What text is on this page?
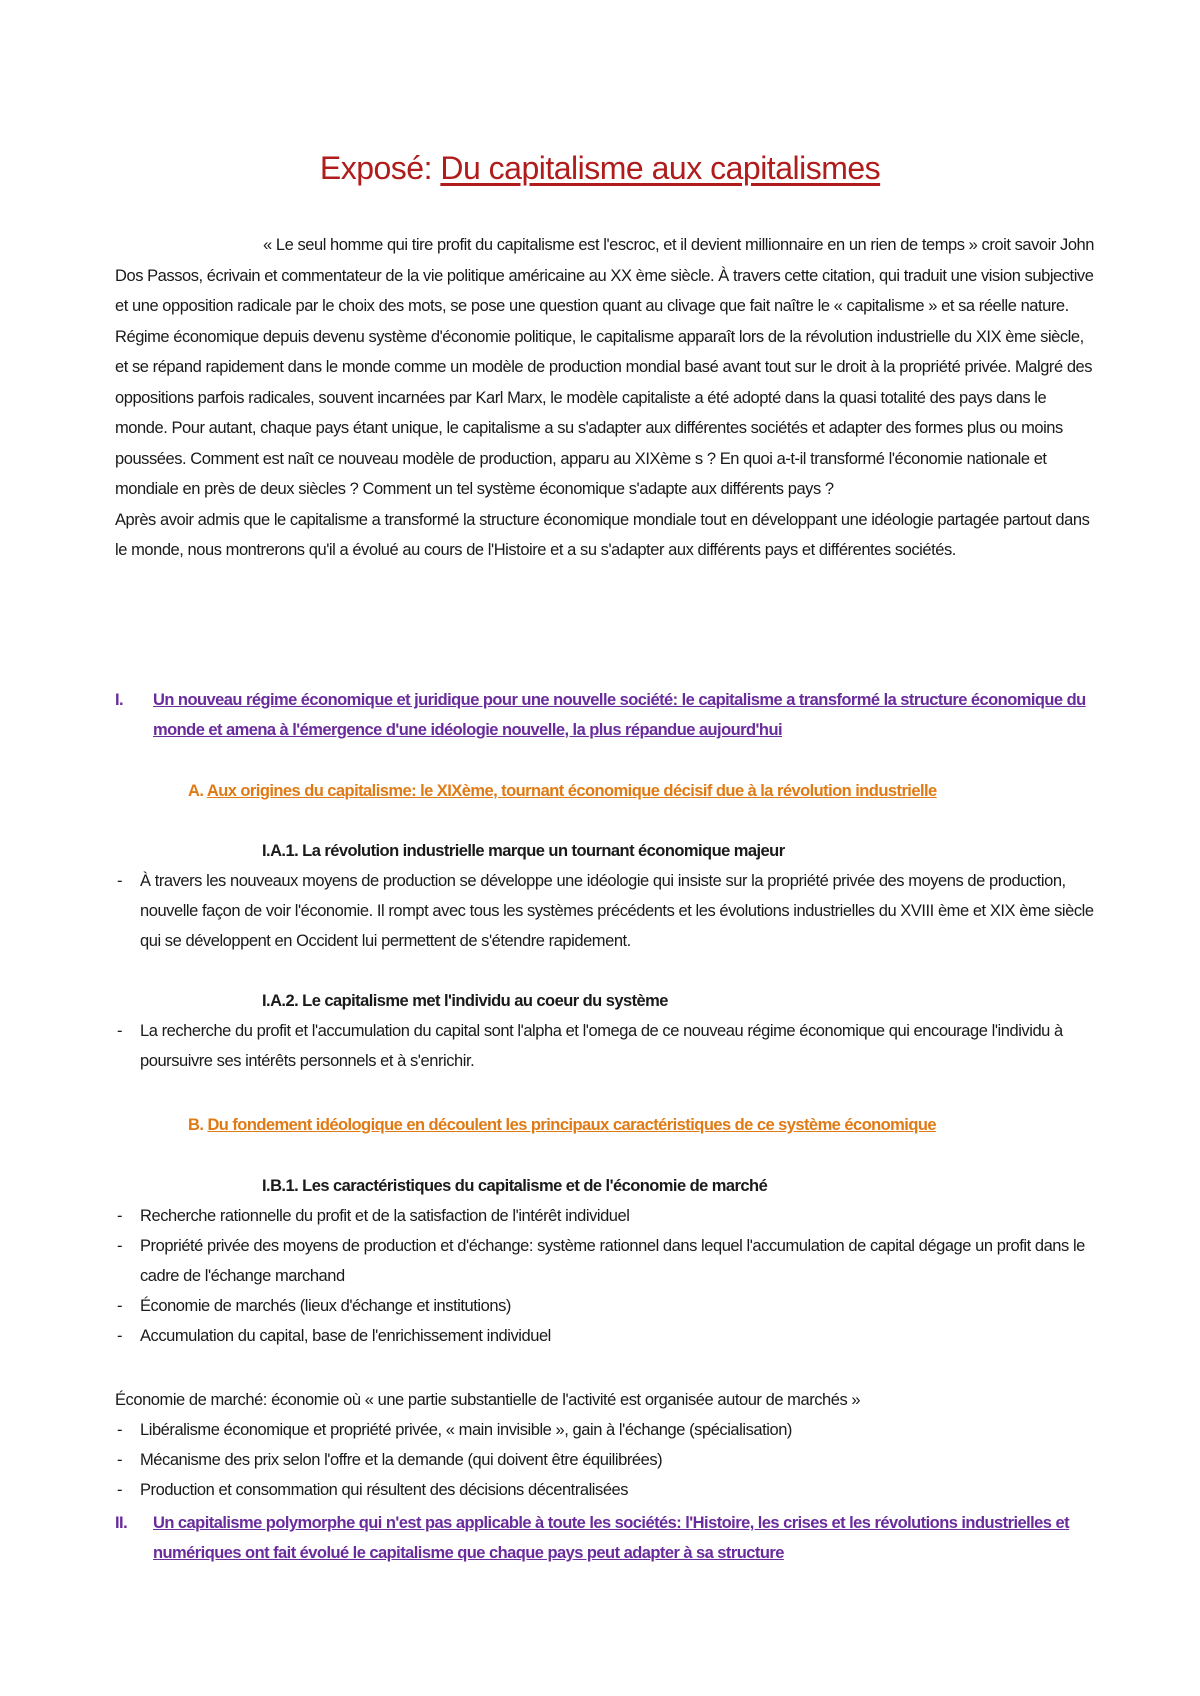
Exposé: Du capitalisme aux capitalismes

« Le seul homme qui tire profit du capitalisme est l'escroc, et il devient millionnaire en un rien de temps » croit savoir John Dos Passos, écrivain et commentateur de la vie politique américaine au XX ème siècle. À travers cette citation, qui traduit une vision subjective et une opposition radicale par le choix des mots, se pose une question quant au clivage que fait naître le « capitalisme » et sa réelle nature. Régime économique depuis devenu système d'économie politique, le capitalisme apparaît lors de la révolution industrielle du XIX ème siècle, et se répand rapidement dans le monde comme un modèle de production mondial basé avant tout sur le droit à la propriété privée. Malgré des oppositions parfois radicales, souvent incarnées par Karl Marx, le modèle capitaliste a été adopté dans la quasi totalité des pays dans le monde. Pour autant, chaque pays étant unique, le capitalisme a su s'adapter aux différentes sociétés et adapter des formes plus ou moins poussées. Comment est naît ce nouveau modèle de production, apparu au XIXème s ? En quoi a-t-il transformé l'économie nationale et mondiale en près de deux siècles ? Comment un tel système économique s'adapte aux différents pays ?

Après avoir admis que le capitalisme a transformé la structure économique mondiale tout en développant une idéologie partagée partout dans le monde, nous montrerons qu'il a évolué au cours de l'Histoire et a su s'adapter aux différents pays et différentes sociétés.

I. Un nouveau régime économique et juridique pour une nouvelle société: le capitalisme a transformé la structure économique du monde et amena à l'émergence d'une idéologie nouvelle, la plus répandue aujourd'hui
A. Aux origines du capitalisme: le XIXème, tournant économique décisif due à la révolution industrielle
I.A.1. La révolution industrielle marque un tournant économique majeur
- À travers les nouveaux moyens de production se développe une idéologie qui insiste sur la propriété privée des moyens de production, nouvelle façon de voir l'économie. Il rompt avec tous les systèmes précédents et les évolutions industrielles du XVIII ème et XIX ème siècle qui se développent en Occident lui permettent de s'étendre rapidement.
I.A.2. Le capitalisme met l'individu au coeur du système
- La recherche du profit et l'accumulation du capital sont l'alpha et l'omega de ce nouveau régime économique qui encourage l'individu à poursuivre ses intérêts personnels et à s'enrichir.
B. Du fondement idéologique en découlent les principaux caractéristiques de ce système économique
I.B.1. Les caractéristiques du capitalisme et de l'économie de marché
- Recherche rationnelle du profit et de la satisfaction de l'intérêt individuel
- Propriété privée des moyens de production et d'échange: système rationnel dans lequel l'accumulation de capital dégage un profit dans le cadre de l'échange marchand
- Économie de marchés (lieux d'échange et institutions)
- Accumulation du capital, base de l'enrichissement individuel

Économie de marché: économie où « une partie substantielle de l'activité est organisée autour de marchés »

- Libéralisme économique et propriété privée, « main invisible », gain à l'échange (spécialisation)
- Mécanisme des prix selon l'offre et la demande (qui doivent être équilibrées)
- Production et consommation qui résultent des décisions décentralisées
II. Un capitalisme polymorphe qui n'est pas applicable à toute les sociétés: l'Histoire, les crises et les révolutions industrielles et numériques ont fait évolué le capitalisme que chaque pays peut adapter à sa structure
